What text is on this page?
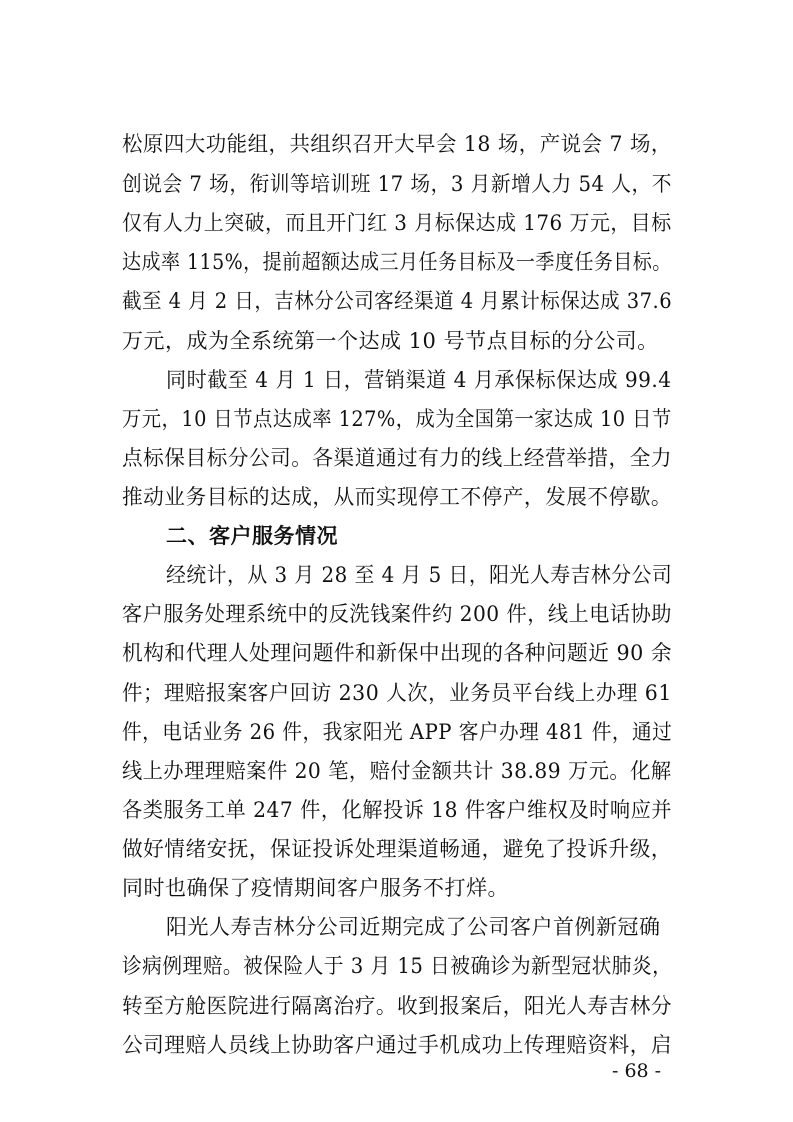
松原四大功能组，共组织召开大早会 18 场，产说会 7 场，
创说会 7 场，衔训等培训班 17 场，3 月新增人力 54 人，不
仅有人力上突破，而且开门红 3 月标保达成 176 万元，目标
达成率 115%，提前超额达成三月任务目标及一季度任务目标。
截至 4 月 2 日，吉林分公司客经渠道 4 月累计标保达成 37.6
万元，成为全系统第一个达成 10 号节点目标的分公司。
同时截至 4 月 1 日，营销渠道 4 月承保标保达成 99.4
万元，10 日节点达成率 127%，成为全国第一家达成 10 日节
点标保目标分公司。各渠道通过有力的线上经营举措，全力
推动业务目标的达成，从而实现停工不停产，发展不停歇。
二、客户服务情况
经统计，从 3 月 28 至 4 月 5 日，阳光人寿吉林分公司
客户服务处理系统中的反洗钱案件约 200 件，线上电话协助
机构和代理人处理问题件和新保中出现的各种问题近 90 余
件；理赔报案客户回访 230 人次，业务员平台线上办理 61
件，电话业务 26 件，我家阳光 APP 客户办理 481 件，通过
线上办理理赔案件 20 笔，赔付金额共计 38.89 万元。化解
各类服务工单 247 件，化解投诉 18 件客户维权及时响应并
做好情绪安抚，保证投诉处理渠道畅通，避免了投诉升级，
同时也确保了疫情期间客户服务不打烊。
阳光人寿吉林分公司近期完成了公司客户首例新冠确
诊病例理赔。被保险人于 3 月 15 日被确诊为新型冠状肺炎，
转至方舱医院进行隔离治疗。收到报案后，阳光人寿吉林分
公司理赔人员线上协助客户通过手机成功上传理赔资料，启
- 68 -
